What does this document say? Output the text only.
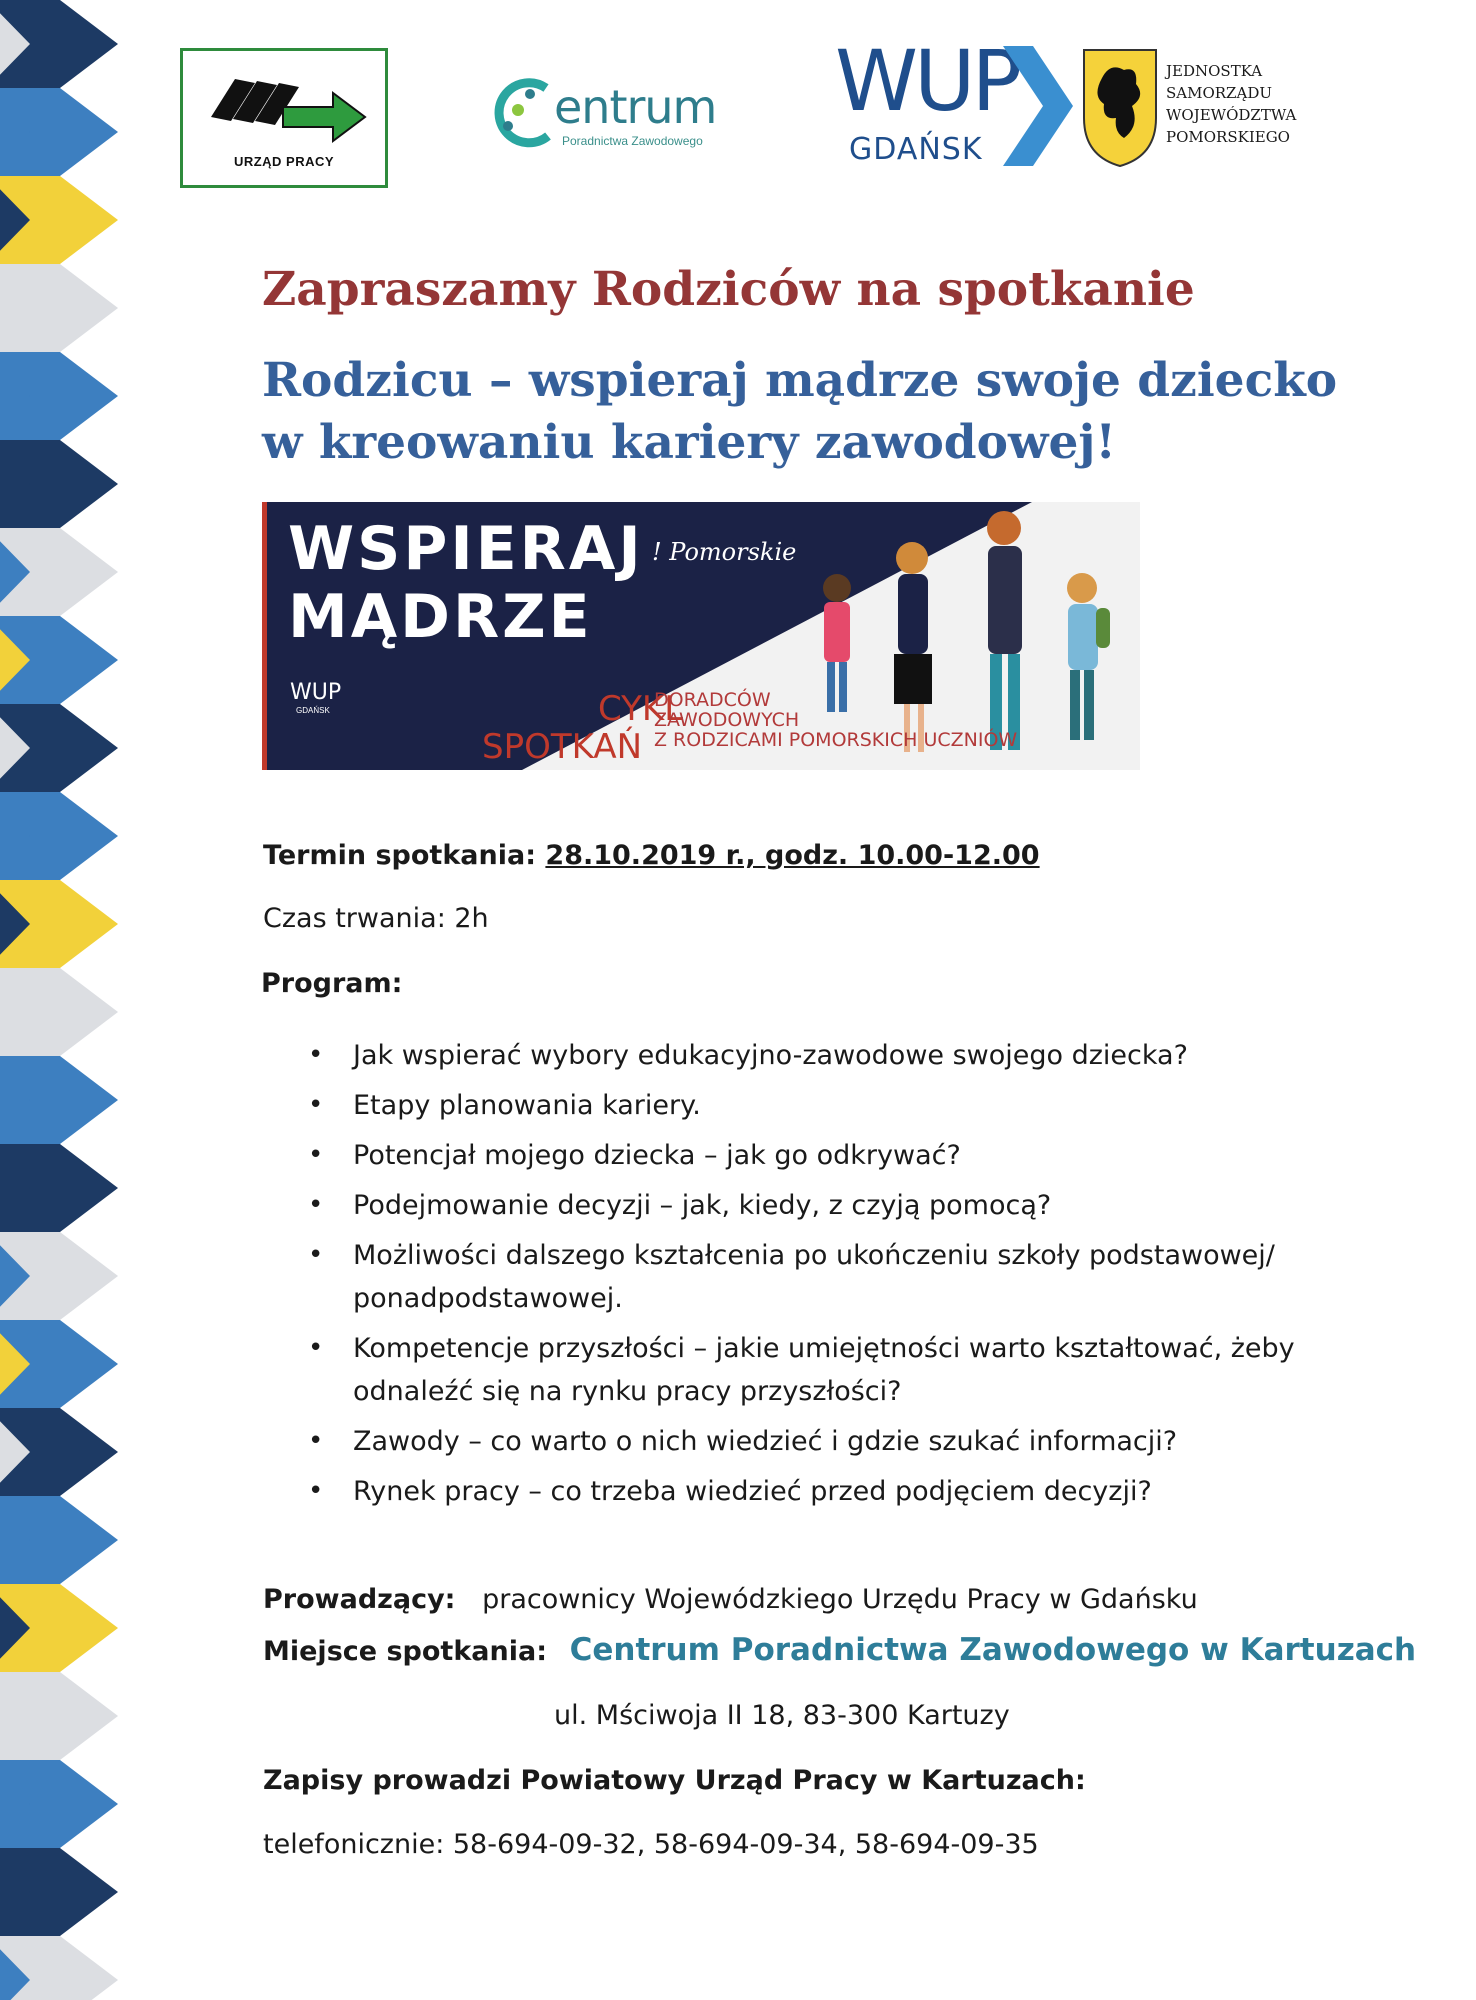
URZĄD PRACY
entrum
Poradnictwa Zawodowego
WUP
GDAŃSK
JEDNOSTKA
SAMORZĄDU
WOJEWÓDZTWA
POMORSKIEGO
Zapraszamy Rodziców na spotkanie
Rodzicu – wspieraj mądrze swoje dziecko
w kreowaniu kariery zawodowej!
WSPIERAJ
MĄDRZE
! Pomorskie
WUP
GDAŃSK	CYKL
SPOTKAŃ
DORADCÓW
ZAWODOWYCH
Z RODZICAMI POMORSKICH UCZNIÓW
Termin spotkania: 28.10.2019 r., godz. 10.00-12.00
Czas trwania: 2h
Program:
• Jak wspierać wybory edukacyjno-zawodowe swojego dziecka?
• Etapy planowania kariery.
• Potencjał mojego dziecka – jak go odkrywać?
• Podejmowanie decyzji – jak, kiedy, z czyją pomocą?
• Możliwości dalszego kształcenia po ukończeniu szkoły podstawowej/
ponadpodstawowej.
• Kompetencje przyszłości – jakie umiejętności warto kształtować, żeby
odnaleźć się na rynku pracy przyszłości?
• Zawody – co warto o nich wiedzieć i gdzie szukać informacji?
• Rynek pracy – co trzeba wiedzieć przed podjęciem decyzji?
Prowadzący: pracownicy Wojewódzkiego Urzędu Pracy w Gdańsku
Miejsce spotkania: Centrum Poradnictwa Zawodowego w Kartuzach
ul. Mściwoja II 18, 83-300 Kartuzy
Zapisy prowadzi Powiatowy Urząd Pracy w Kartuzach:
telefonicznie: 58-694-09-32, 58-694-09-34, 58-694-09-35
